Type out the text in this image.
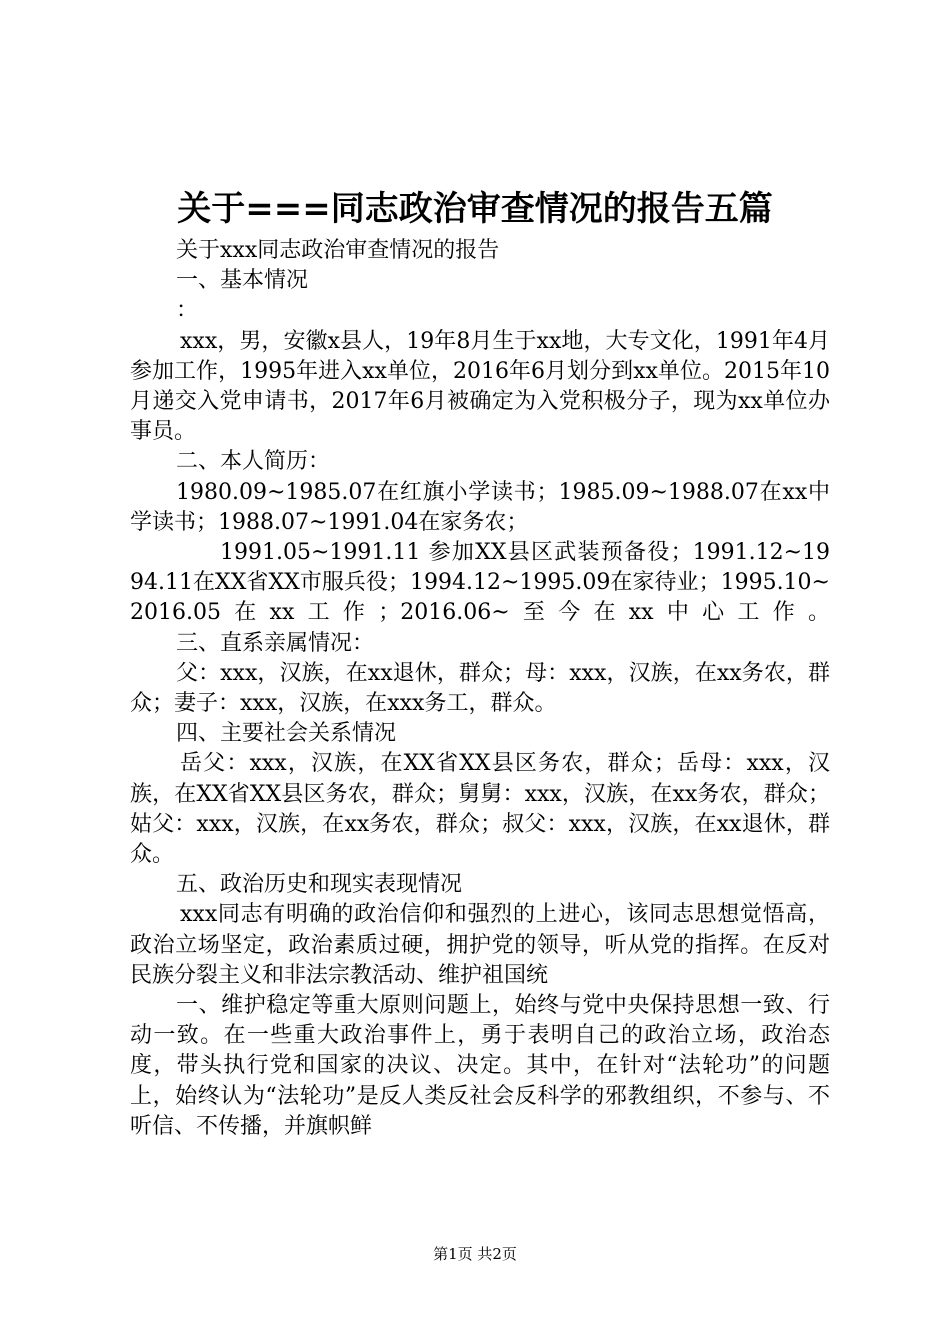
关于===同志政治审查情况的报告五篇

关于xxx同志政治审查情况的报告

一、基本情况

：

xxx，男，安徽x县人，19年8月生于xx地，大专文化，1991年4月参加工作，1995年进入xx单位，2016年6月划分到xx单位。2015年10月递交入党申请书，2017年6月被确定为入党积极分子，现为xx单位办事员。

二、本人简历：

1980.09~1985.07在红旗小学读书；1985.09~1988.07在xx中学读书；1988.07~1991.04在家务农；

1991.05~1991.11 参加XX县区武装预备役；1991.12~1994.11在XX省XX市服兵役；1994.12~1995.09在家待业；1995.10~2016.05在xx工作；2016.06~至今在xx中心工作。

三、直系亲属情况：

父：xxx，汉族，在xx退休，群众；母：xxx，汉族，在xx务农，群众；妻子：xxx，汉族，在xxx务工，群众。

四、主要社会关系情况

岳父：xxx，汉族，在XX省XX县区务农，群众；岳母：xxx，汉族，在XX省XX县区务农，群众；舅舅：xxx，汉族，在xx务农，群众；姑父：xxx，汉族，在xx务农，群众；叔父：xxx，汉族，在xx退休，群众。

五、政治历史和现实表现情况

xxx同志有明确的政治信仰和强烈的上进心，该同志思想觉悟高，政治立场坚定，政治素质过硬，拥护党的领导，听从党的指挥。在反对民族分裂主义和非法宗教活动、维护祖国统

一、维护稳定等重大原则问题上，始终与党中央保持思想一致、行动一致。在一些重大政治事件上，勇于表明自己的政治立场，政治态度，带头执行党和国家的决议、决定。其中，在针对“法轮功”的问题上，始终认为“法轮功”是反人类反社会反科学的邪教组织，不参与、不听信、不传播，并旗帜鲜

第1页 共2页
